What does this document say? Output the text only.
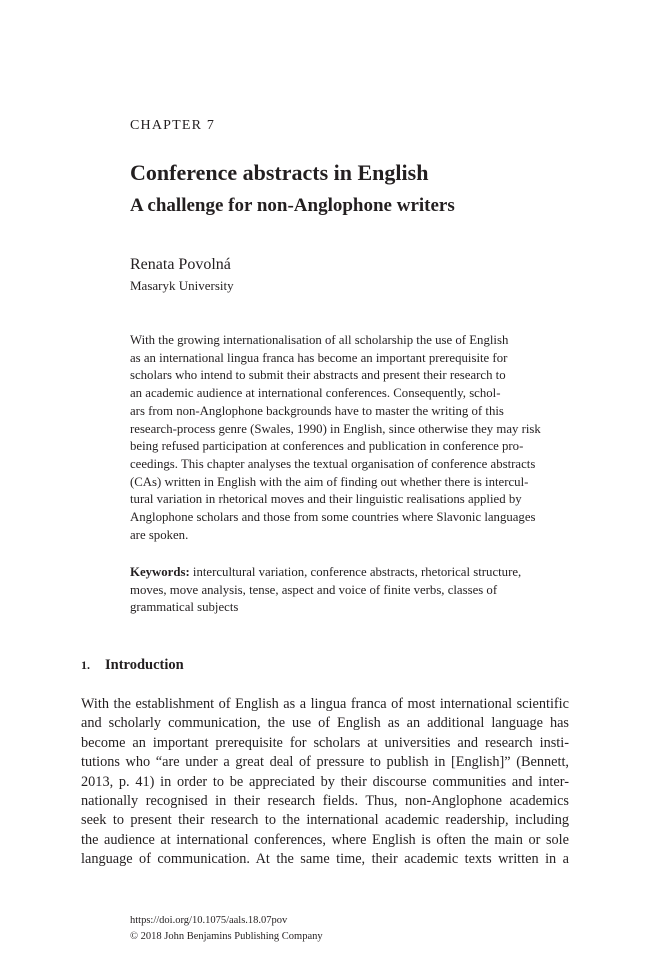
CHAPTER 7
Conference abstracts in English
A challenge for non-Anglophone writers
Renata Povolná
Masaryk University
With the growing internationalisation of all scholarship the use of English
as an international lingua franca has become an important prerequisite for
scholars who intend to submit their abstracts and present their research to
an academic audience at international conferences. Consequently, schol-
ars from non-Anglophone backgrounds have to master the writing of this
research-process genre (Swales, 1990) in English, since otherwise they may risk
being refused participation at conferences and publication in conference pro-
ceedings. This chapter analyses the textual organisation of conference abstracts
(CAs) written in English with the aim of finding out whether there is intercul-
tural variation in rhetorical moves and their linguistic realisations applied by
Anglophone scholars and those from some countries where Slavonic languages
are spoken.
Keywords: intercultural variation, conference abstracts, rhetorical structure,
moves, move analysis, tense, aspect and voice of finite verbs, classes of
grammatical subjects
1. Introduction
With the establishment of English as a lingua franca of most international scientific
and scholarly communication, the use of English as an additional language has
become an important prerequisite for scholars at universities and research insti-
tutions who “are under a great deal of pressure to publish in [English]” (Bennett,
2013, p. 41) in order to be appreciated by their discourse communities and inter-
nationally recognised in their research fields. Thus, non-Anglophone academics
seek to present their research to the international academic readership, including
the audience at international conferences, where English is often the main or sole
language of communication. At the same time, their academic texts written in a
https://doi.org/10.1075/aals.18.07pov
© 2018 John Benjamins Publishing Company
